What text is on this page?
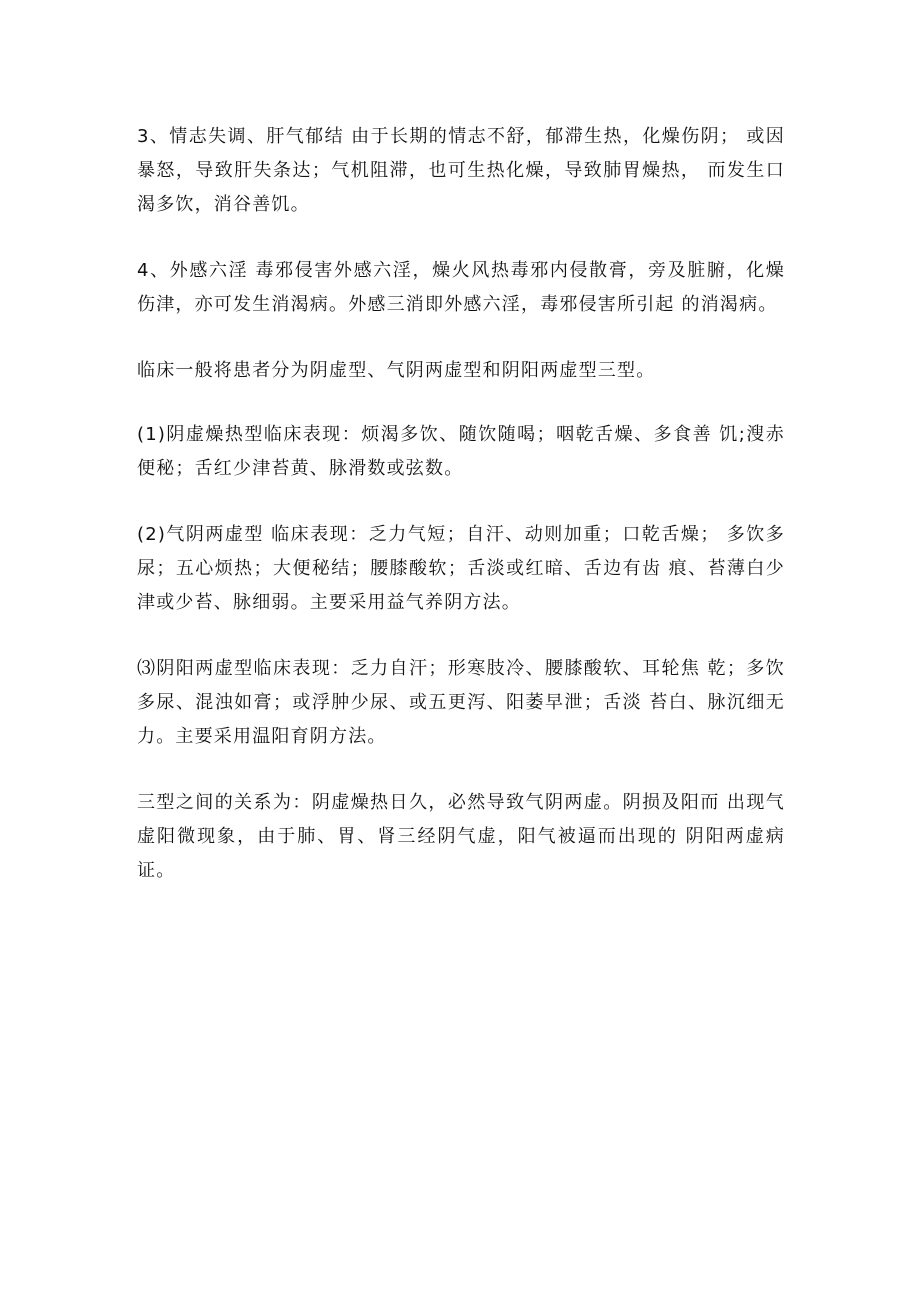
3、情志失调、肝气郁结 由于长期的情志不舒，郁滞生热，化燥伤阴； 或因暴怒，导致肝失条达；气机阻滞，也可生热化燥，导致肺胃燥热， 而发生口渴多饮，消谷善饥。

4、外感六淫 毒邪侵害外感六淫，燥火风热毒邪内侵散膏，旁及脏腑，化燥伤津，亦可发生消渴病。外感三消即外感六淫，毒邪侵害所引起 的消渴病。

临床一般将患者分为阴虚型、气阴两虚型和阴阳两虚型三型。

(1)阴虚燥热型临床表现：烦渴多饮、随饮随喝；咽乾舌燥、多食善 饥;溲赤便秘；舌红少津苔黄、脉滑数或弦数。

(2)气阴两虚型 临床表现：乏力气短；自汗、动则加重；口乾舌燥； 多饮多尿；五心烦热；大便秘结；腰膝酸软；舌淡或红暗、舌边有齿 痕、苔薄白少津或少苔、脉细弱。主要采用益气养阴方法。

⑶阴阳两虚型临床表现：乏力自汗；形寒肢冷、腰膝酸软、耳轮焦 乾；多饮多尿、混浊如膏；或浮肿少尿、或五更泻、阳萎早泄；舌淡 苔白、脉沉细无力。主要采用温阳育阴方法。

三型之间的关系为：阴虚燥热日久，必然导致气阴两虚。阴损及阳而 出现气虚阳微现象，由于肺、胃、肾三经阴气虚，阳气被逼而出现的 阴阳两虚病证。
